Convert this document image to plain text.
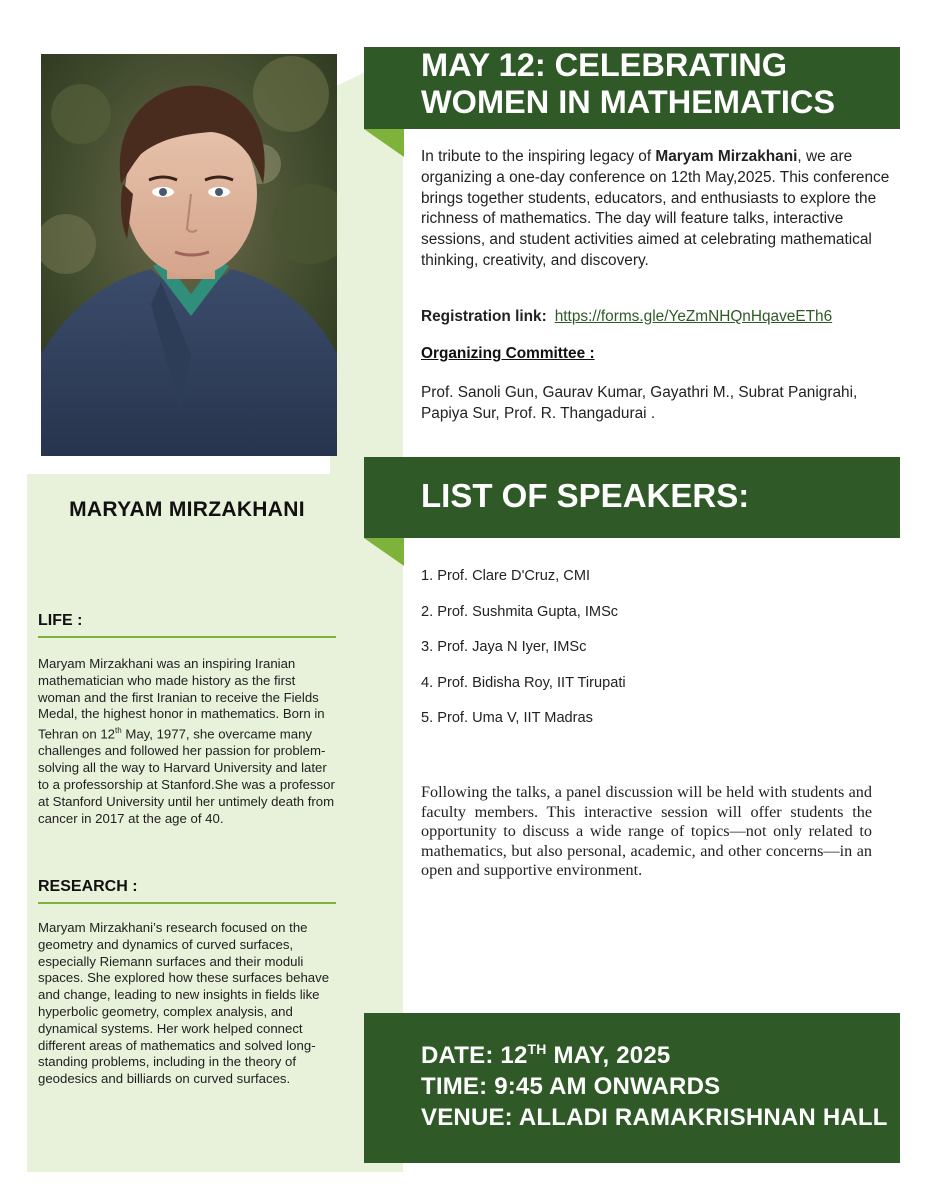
MARYAM MIRZAKHANI
LIFE :
Maryam Mirzakhani was an inspiring Iranian mathematician who made history as the first woman and the first Iranian to receive the Fields Medal, the highest honor in mathematics. Born in Tehran on 12th May, 1977, she overcame many challenges and followed her passion for problem-solving all the way to Harvard University and later to a professorship at Stanford.She was a professor at Stanford University until her untimely death from cancer in 2017 at the age of 40.
RESEARCH :
Maryam Mirzakhani’s research focused on the geometry and dynamics of curved surfaces, especially Riemann surfaces and their moduli spaces. She explored how these surfaces behave and change, leading to new insights in fields like hyperbolic geometry, complex analysis, and dynamical systems. Her work helped connect different areas of mathematics and solved long-standing problems, including in the theory of geodesics and billiards on curved surfaces.
MAY 12: CELEBRATING
WOMEN IN MATHEMATICS
In tribute to the inspiring legacy of Maryam Mirzakhani, we are organizing a one-day conference on 12th May,2025. This conference brings together students, educators, and enthusiasts to explore the richness of mathematics. The day will feature talks, interactive sessions, and student activities aimed at celebrating mathematical thinking, creativity, and discovery.
Registration link: https://forms.gle/YeZmNHQnHqaveETh6
Organizing Committee :
Prof. Sanoli Gun, Gaurav Kumar, Gayathri M., Subrat Panigrahi, Papiya Sur, Prof. R. Thangadurai .
LIST OF SPEAKERS:
1. Prof. Clare D'Cruz, CMI
2. Prof. Sushmita Gupta, IMSc
3. Prof. Jaya N Iyer, IMSc
4. Prof. Bidisha Roy, IIT Tirupati
5. Prof. Uma V, IIT Madras
Following the talks, a panel discussion will be held with students and faculty members. This interactive session will offer students the opportunity to discuss a wide range of topics—not only related to mathematics, but also personal, academic, and other concerns—in an open and supportive environment.
DATE: 12TH MAY, 2025
TIME: 9:45 AM ONWARDS
VENUE: ALLADI RAMAKRISHNAN HALL
